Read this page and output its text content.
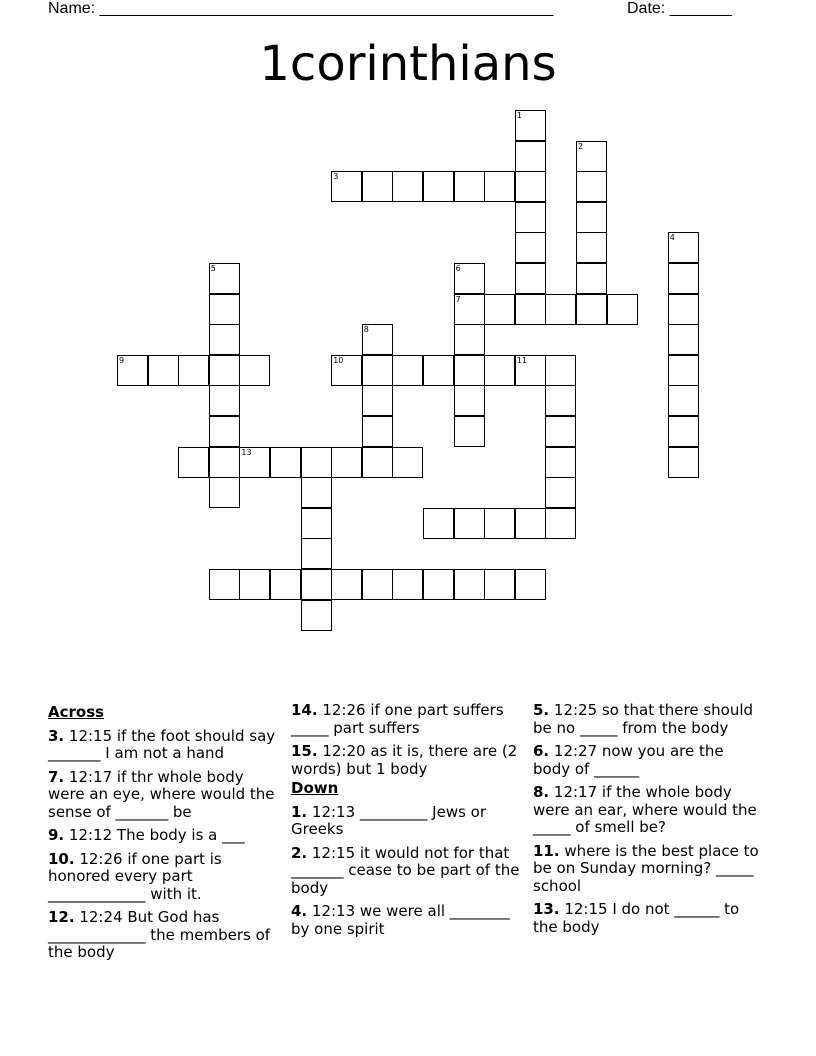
Name: ___________________________________________________	Date: _______
1corinthians
1
2
3
4
5	6
7
8
9	10	11
13
Across
3. 12:15 if the foot should say _______ I am not a hand
7. 12:17 if thr whole body were an eye, where would the sense of _______ be
9. 12:12 The body is a ___
10. 12:26 if one part is honored every part _____________ with it.
12. 12:24 But God has _____________ the members of the body
14. 12:26 if one part suffers _____ part suffers
15. 12:20 as it is, there are (2 words) but 1 body
Down
1. 12:13 _________ Jews or Greeks
2. 12:15 it would not for that _______ cease to be part of the body
4. 12:13 we were all ________ by one spirit
5. 12:25 so that there should be no _____ from the body
6. 12:27 now you are the body of ______
8. 12:17 if the whole body were an ear, where would the _____ of smell be?
11. where is the best place to be on Sunday morning? _____ school
13. 12:15 I do not ______ to the body
